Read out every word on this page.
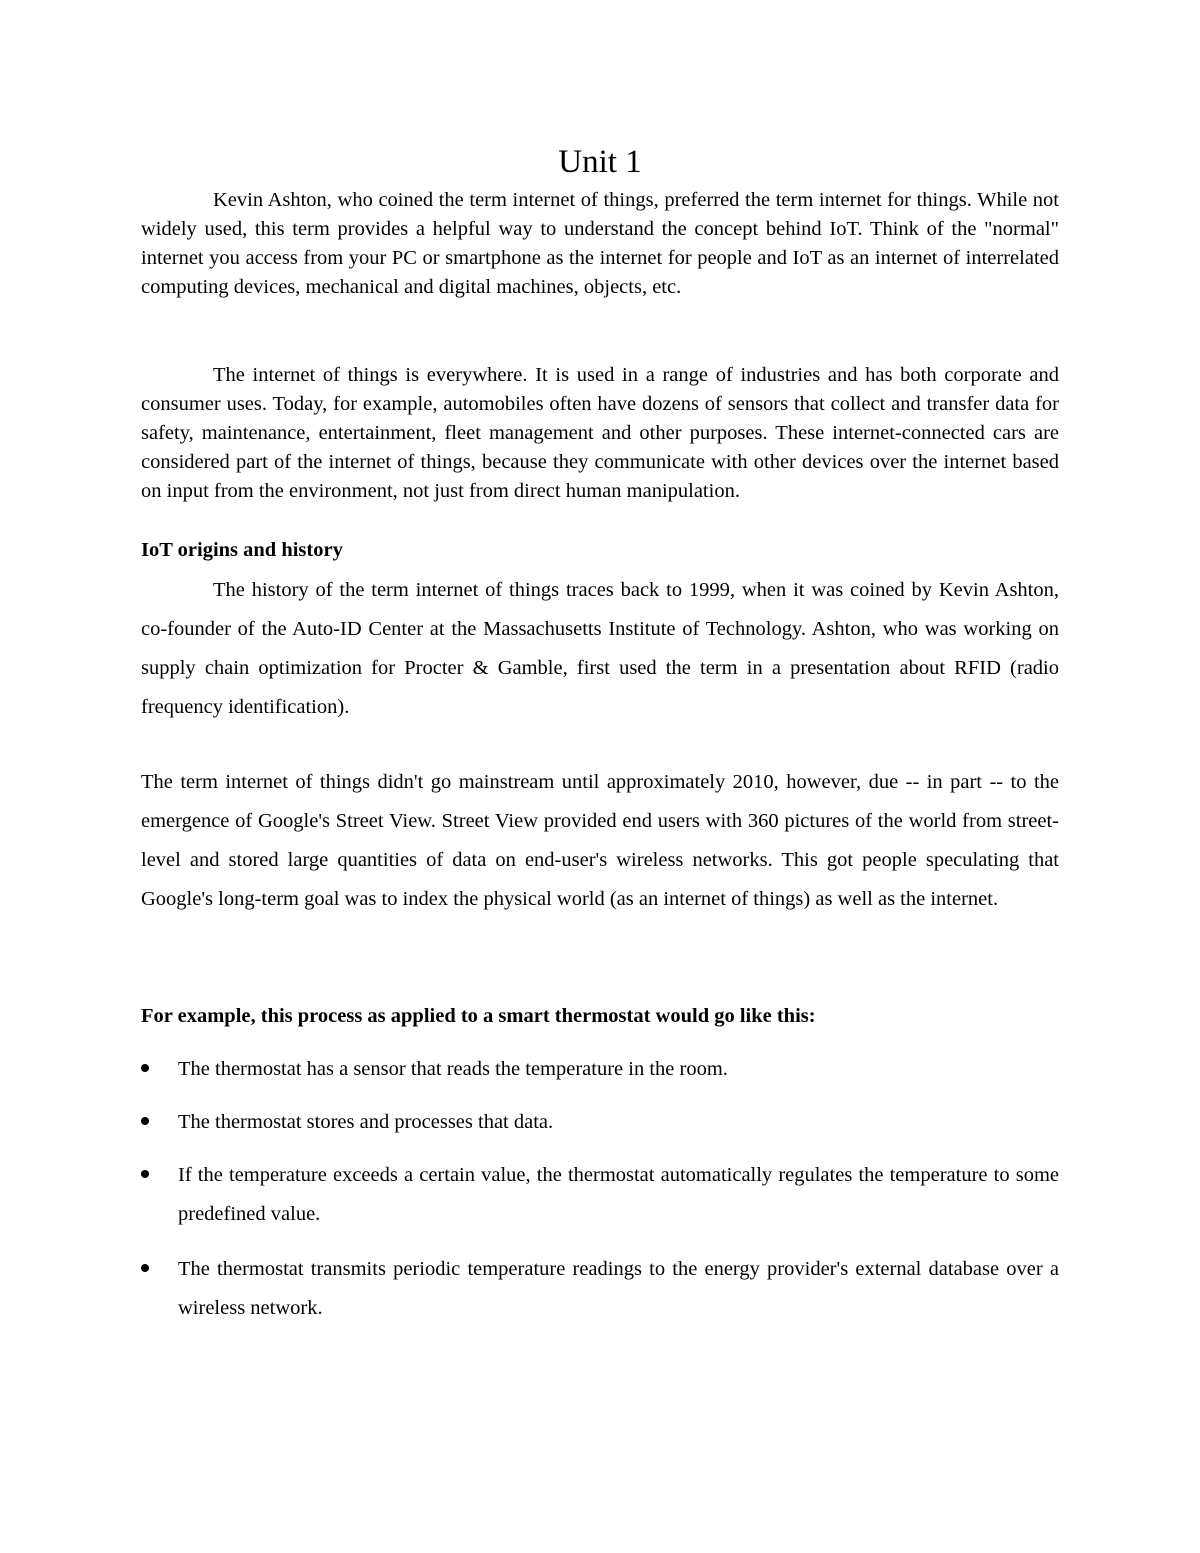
Unit 1

Kevin Ashton, who coined the term internet of things, preferred the term internet for things. While not widely used, this term provides a helpful way to understand the concept behind IoT. Think of the "normal" internet you access from your PC or smartphone as the internet for people and IoT as an internet of interrelated computing devices, mechanical and digital machines, objects, etc.

The internet of things is everywhere. It is used in a range of industries and has both corporate and consumer uses. Today, for example, automobiles often have dozens of sensors that collect and transfer data for safety, maintenance, entertainment, fleet management and other purposes. These internet-connected cars are considered part of the internet of things, because they communicate with other devices over the internet based on input from the environment, not just from direct human manipulation.

IoT origins and history

The history of the term internet of things traces back to 1999, when it was coined by Kevin Ashton, co-founder of the Auto-ID Center at the Massachusetts Institute of Technology. Ashton, who was working on supply chain optimization for Procter & Gamble, first used the term in a presentation about RFID (radio frequency identification).

The term internet of things didn't go mainstream until approximately 2010, however, due -- in part -- to the emergence of Google's Street View. Street View provided end users with 360 pictures of the world from street-level and stored large quantities of data on end-user's wireless networks. This got people speculating that Google's long-term goal was to index the physical world (as an internet of things) as well as the internet.

For example, this process as applied to a smart thermostat would go like this:

The thermostat has a sensor that reads the temperature in the room.

The thermostat stores and processes that data.

If the temperature exceeds a certain value, the thermostat automatically regulates the temperature to some predefined value.

The thermostat transmits periodic temperature readings to the energy provider's external database over a wireless network.
